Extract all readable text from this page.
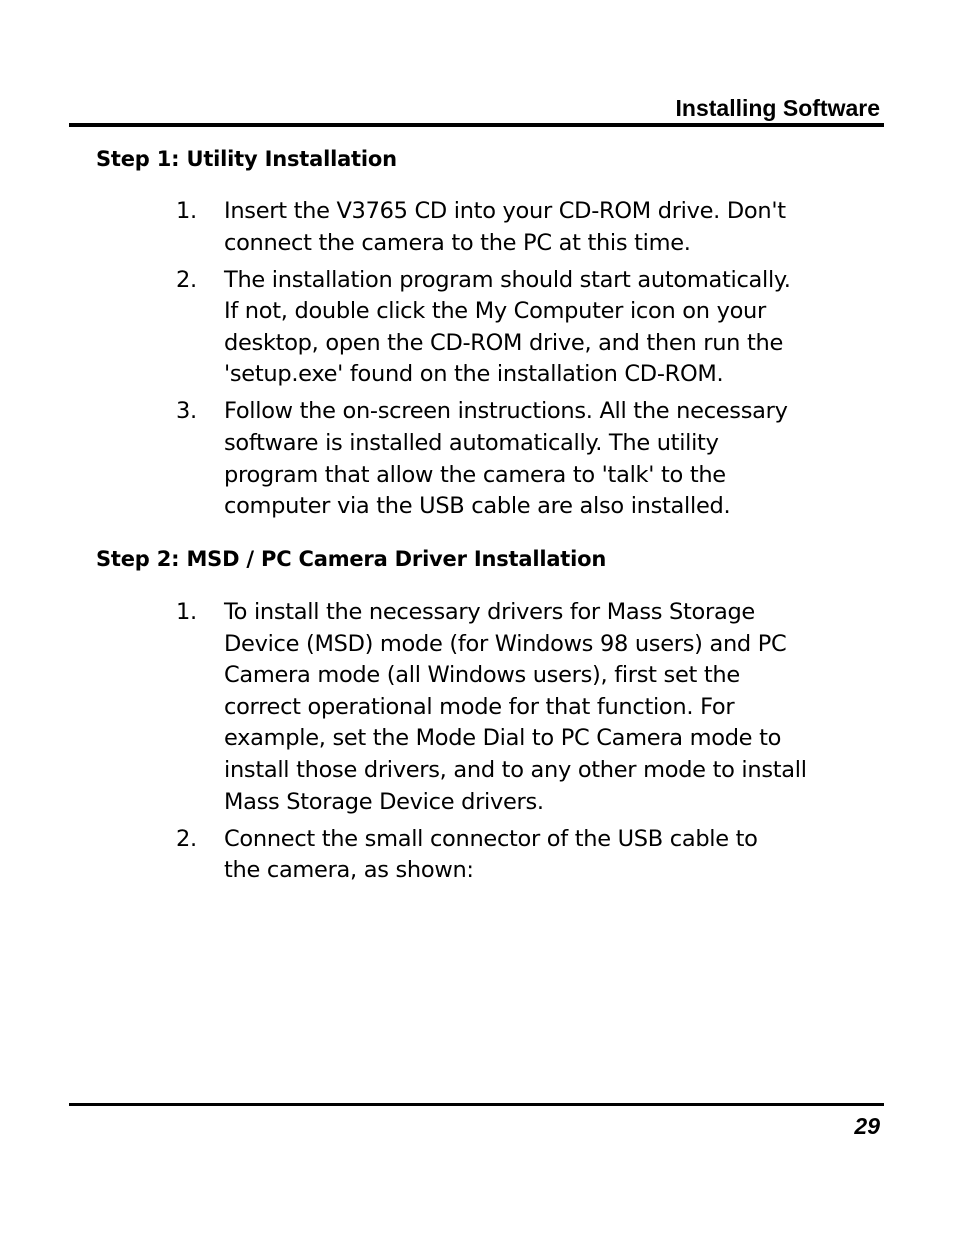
Installing Software
Step 1: Utility Installation
1. Insert the V3765 CD into your CD-ROM drive. Don't
connect the camera to the PC at this time.
2. The installation program should start automatically.
If not, double click the My Computer icon on your
desktop, open the CD-ROM drive, and then run the
'setup.exe' found on the installation CD-ROM.
3. Follow the on-screen instructions. All the necessary
software is installed automatically. The utility
program that allow the camera to 'talk' to the
computer via the USB cable are also installed.
Step 2: MSD / PC Camera Driver Installation
1. To install the necessary drivers for Mass Storage
Device (MSD) mode (for Windows 98 users) and PC
Camera mode (all Windows users), first set the
correct operational mode for that function. For
example, set the Mode Dial to PC Camera mode to
install those drivers, and to any other mode to install
Mass Storage Device drivers.
2. Connect the small connector of the USB cable to
the camera, as shown:
29
